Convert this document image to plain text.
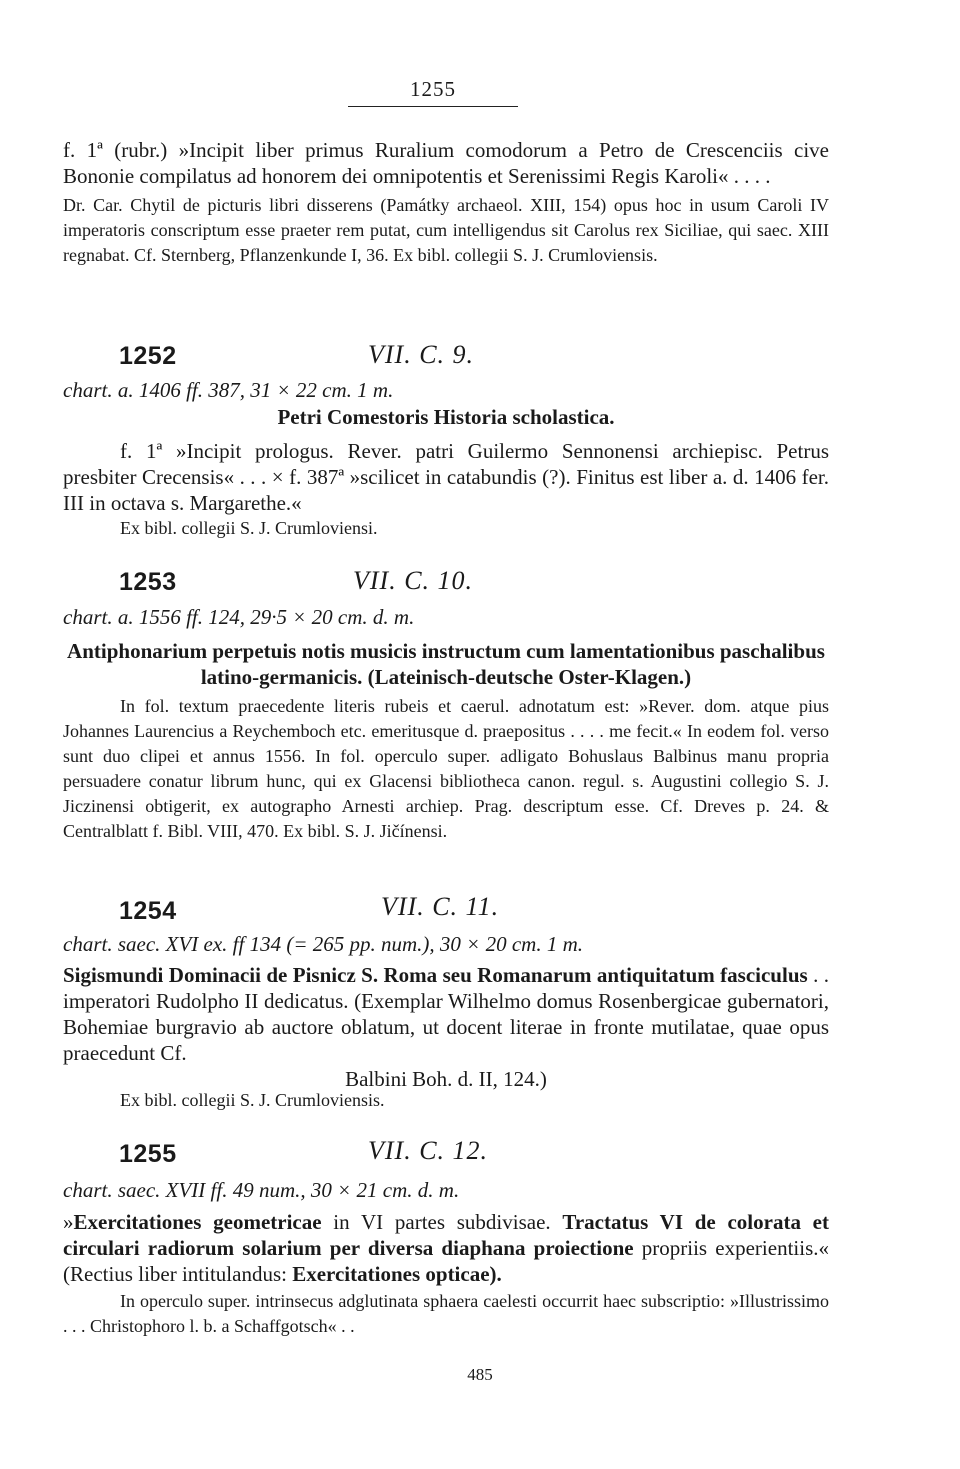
1255

f. 1ª (rubr.) »Incipit liber primus Ruralium comodorum a Petro de Crescenciis cive Bononie compilatus ad honorem dei omnipotentis et Serenissimi Regis Karoli« . . . .

Dr. Car. Chytil de picturis libri disserens (Památky archaeol. XIII, 154) opus hoc in usum Caroli IV imperatoris conscriptum esse praeter rem putat, cum intelligendus sit Carolus rex Siciliae, qui saec. XIII regnabat. Cf. Sternberg, Pflanzenkunde I, 36. Ex bibl. collegii S. J. Crumloviensis.

1252	VII. C. 9.
chart. a. 1406 ff. 387, 31 × 22 cm. 1 m.
Petri Comestoris Historia scholastica.

f. 1ª »Incipit prologus. Rever. patri Guilermo Sennonensi archiepisc. Petrus presbiter Crecensis« . . . × f. 387ª »scilicet in catabundis (?). Finitus est liber a. d. 1406 fer. III in octava s. Margarethe.«

Ex bibl. collegii S. J. Crumloviensi.

1253	VII. C. 10.
chart. a. 1556 ff. 124, 29·5 × 20 cm. d. m.
Antiphonarium perpetuis notis musicis instructum cum lamentationibus paschalibus latino-germanicis. (Lateinisch-deutsche Oster-Klagen.)

In fol. textum praecedente literis rubeis et caerul. adnotatum est: »Rever. dom. atque pius Johannes Laurencius a Reychemboch etc. emeritusque d. praepositus . . . . me fecit.« In eodem fol. verso sunt duo clipei et annus 1556. In fol. operculo super. adligato Bohuslaus Balbinus manu propria persuadere conatur librum hunc, qui ex Glacensi bibliotheca canon. regul. s. Augustini collegio S. J. Jiczinensi obtigerit, ex autographo Arnesti archiep. Prag. descriptum esse. Cf. Dreves p. 24. & Centralblatt f. Bibl. VIII, 470. Ex bibl. S. J. Jičínensi.

1254	VII. C. 11.
chart. saec. XVI ex. ff 134 (= 265 pp. num.), 30 × 20 cm. 1 m.

Sigismundi Dominacii de Pisnicz S. Roma seu Romanarum antiquitatum fasciculus . . imperatori Rudolpho II dedicatus. (Exemplar Wilhelmo domus Rosenbergicae gubernatori, Bohemiae burgravio ab auctore oblatum, ut docent literae in fronte mutilatae, quae opus praecedunt Cf.

Balbini Boh. d. II, 124.)

Ex bibl. collegii S. J. Crumloviensis.

1255	VII. C. 12.
chart. saec. XVII ff. 49 num., 30 × 21 cm. d. m.

»Exercitationes geometricae in VI partes subdivisae. Tractatus VI de colorata et circulari radiorum solarium per diversa diaphana proiectione propriis experientiis.« (Rectius liber intitulandus: Exercitationes opticae).

In operculo super. intrinsecus adglutinata sphaera caelesti occurrit haec subscriptio: »Illustrissimo . . . Christophoro l. b. a Schaffgotsch« . .

485
